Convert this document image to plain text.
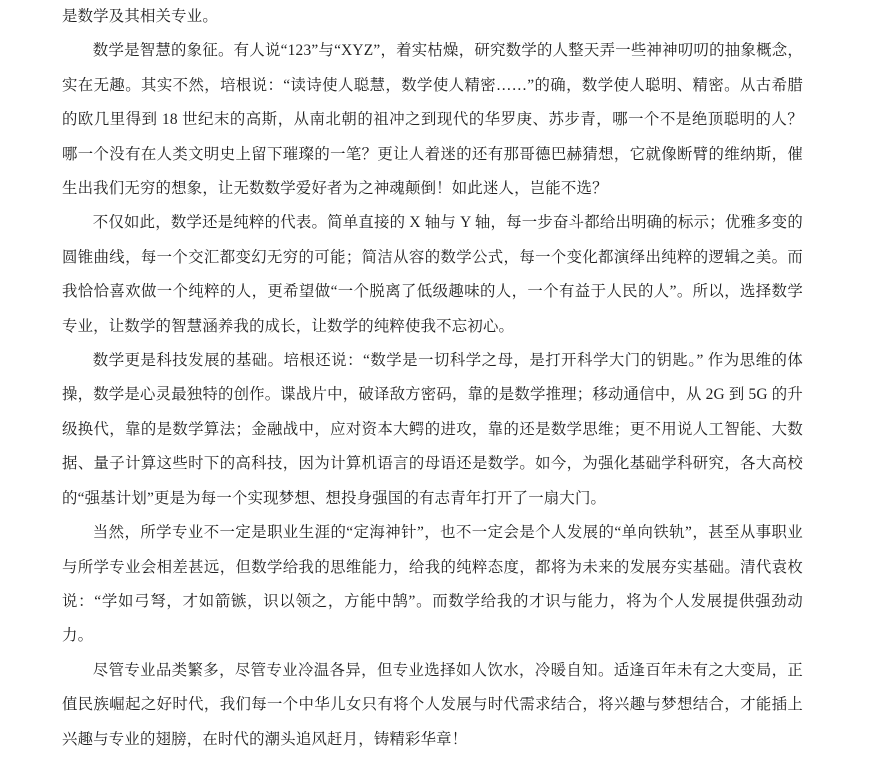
是数学及其相关专业。

数学是智慧的象征。有人说“123”与“XYZ”，着实枯燥，研究数学的人整天弄一些神神叨叨的抽象概念，实在无趣。其实不然，培根说：“读诗使人聪慧，数学使人精密……”的确，数学使人聪明、精密。从古希腊的欧几里得到 18 世纪末的高斯，从南北朝的祖冲之到现代的华罗庚、苏步青，哪一个不是绝顶聪明的人？哪一个没有在人类文明史上留下璀璨的一笔？更让人着迷的还有那哥德巴赫猜想，它就像断臂的维纳斯，催生出我们无穷的想象，让无数数学爱好者为之神魂颠倒！如此迷人，岂能不选？

不仅如此，数学还是纯粹的代表。简单直接的 X 轴与 Y 轴，每一步奋斗都给出明确的标示；优雅多变的圆锥曲线，每一个交汇都变幻无穷的可能；简洁从容的数学公式，每一个变化都演绎出纯粹的逻辑之美。而我恰恰喜欢做一个纯粹的人，更希望做“一个脱离了低级趣味的人，一个有益于人民的人”。所以，选择数学专业，让数学的智慧涵养我的成长，让数学的纯粹使我不忘初心。

数学更是科技发展的基础。培根还说：“数学是一切科学之母，是打开科学大门的钥匙。” 作为思维的体操，数学是心灵最独特的创作。谍战片中，破译敌方密码，靠的是数学推理；移动通信中，从 2G 到 5G 的升级换代，靠的是数学算法；金融战中，应对资本大鳄的进攻，靠的还是数学思维；更不用说人工智能、大数据、量子计算这些时下的高科技，因为计算机语言的母语还是数学。如今，为强化基础学科研究，各大高校的“强基计划”更是为每一个实现梦想、想投身强国的有志青年打开了一扇大门。

当然，所学专业不一定是职业生涯的“定海神针”，也不一定会是个人发展的“单向铁轨”，甚至从事职业与所学专业会相差甚远，但数学给我的思维能力，给我的纯粹态度，都将为未来的发展夯实基础。清代袁枚说：“学如弓弩，才如箭镞，识以领之，方能中鹄”。而数学给我的才识与能力，将为个人发展提供强劲动力。

尽管专业品类繁多，尽管专业冷温各异，但专业选择如人饮水，冷暖自知。适逢百年未有之大变局，正值民族崛起之好时代，我们每一个中华儿女只有将个人发展与时代需求结合，将兴趣与梦想结合，才能插上兴趣与专业的翅膀，在时代的潮头追风赶月，铸精彩华章！
